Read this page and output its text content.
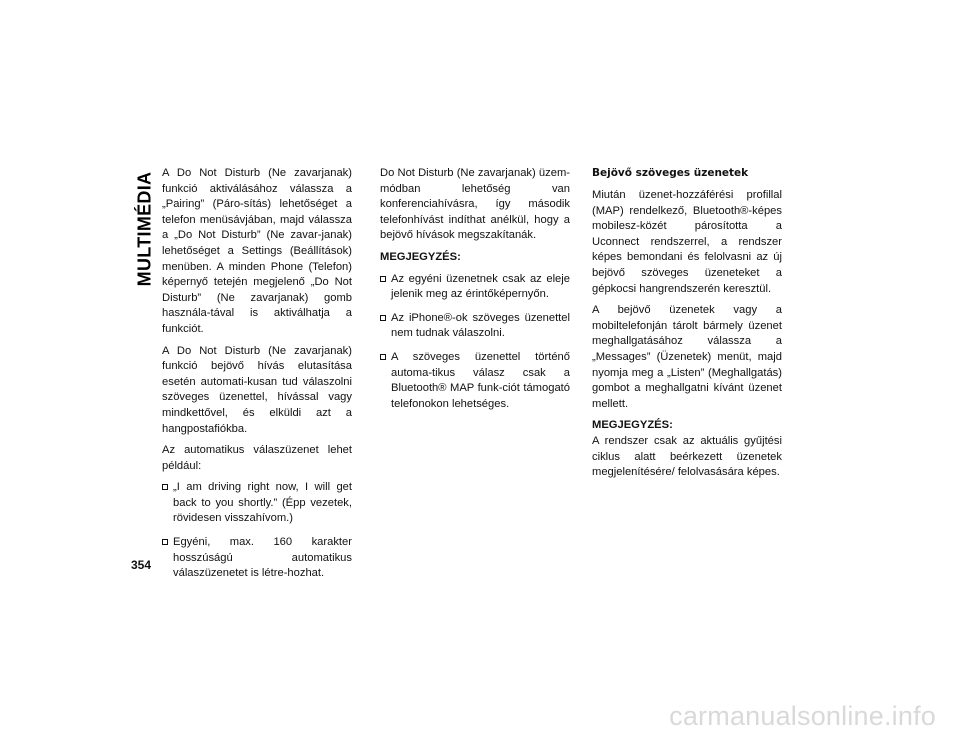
MULTIMÉDIA A Do Not Disturb (Ne zavarjanak) funkció aktiválásához válassza a „Pairing” (Páro-sítás) lehetőséget a telefon menüsávjában, majd válassza a „Do Not Disturb” (Ne zavar-janak) lehetőséget a Settings (Beállítások) menüben. A minden Phone (Telefon) képernyő tetején megjelenő „Do Not Disturb” (Ne zavarjanak) gomb használa-tával is aktiválhatja a funkciót.

A Do Not Disturb (Ne zavarjanak) funkció bejövő hívás elutasítása esetén automati-kusan tud válaszolni szöveges üzenettel, hívással vagy mindkettővel, és elküldi azt a hangpostafiókba.

Az automatikus válaszüzenet lehet például:

„I am driving right now, I will get back to you shortly.” (Épp vezetek, rövidesen visszahívom.)
Egyéni, max. 160 karakter hosszúságú automatikus válaszüzenetet is létre-hozhat.

Do Not Disturb (Ne zavarjanak) üzem-módban lehetőség van konferenciahívásra, így második telefonhívást indíthat anélkül, hogy a bejövő hívások megszakítanák.

MEGJEGYZÉS:
Az egyéni üzenetnek csak az eleje jelenik meg az érintőképernyőn.
Az iPhone®-ok szöveges üzenettel nem tudnak válaszolni.
A szöveges üzenettel történő automa-tikus válasz csak a Bluetooth® MAP funk-ciót támogató telefonokon lehetséges.
Bejövő szöveges üzenetek

Miután üzenet-hozzáférési profillal (MAP) rendelkező, Bluetooth®-képes mobilesz-közét párosította a Uconnect rendszerrel, a rendszer képes bemondani és felolvasni az új bejövő szöveges üzeneteket a gépkocsi hangrendszerén keresztül.

A bejövő üzenetek vagy a mobiltelefonján tárolt bármely üzenet meghallgatásához válassza a „Messages” (Üzenetek) menüt, majd nyomja meg a „Listen” (Meghallgatás) gombot a meghallgatni kívánt üzenet mellett.

MEGJEGYZÉS:

A rendszer csak az aktuális gyűjtési ciklus alatt beérkezett üzenetek megjelenítésére/ felolvasására képes.

354
carmanualsonline.info
